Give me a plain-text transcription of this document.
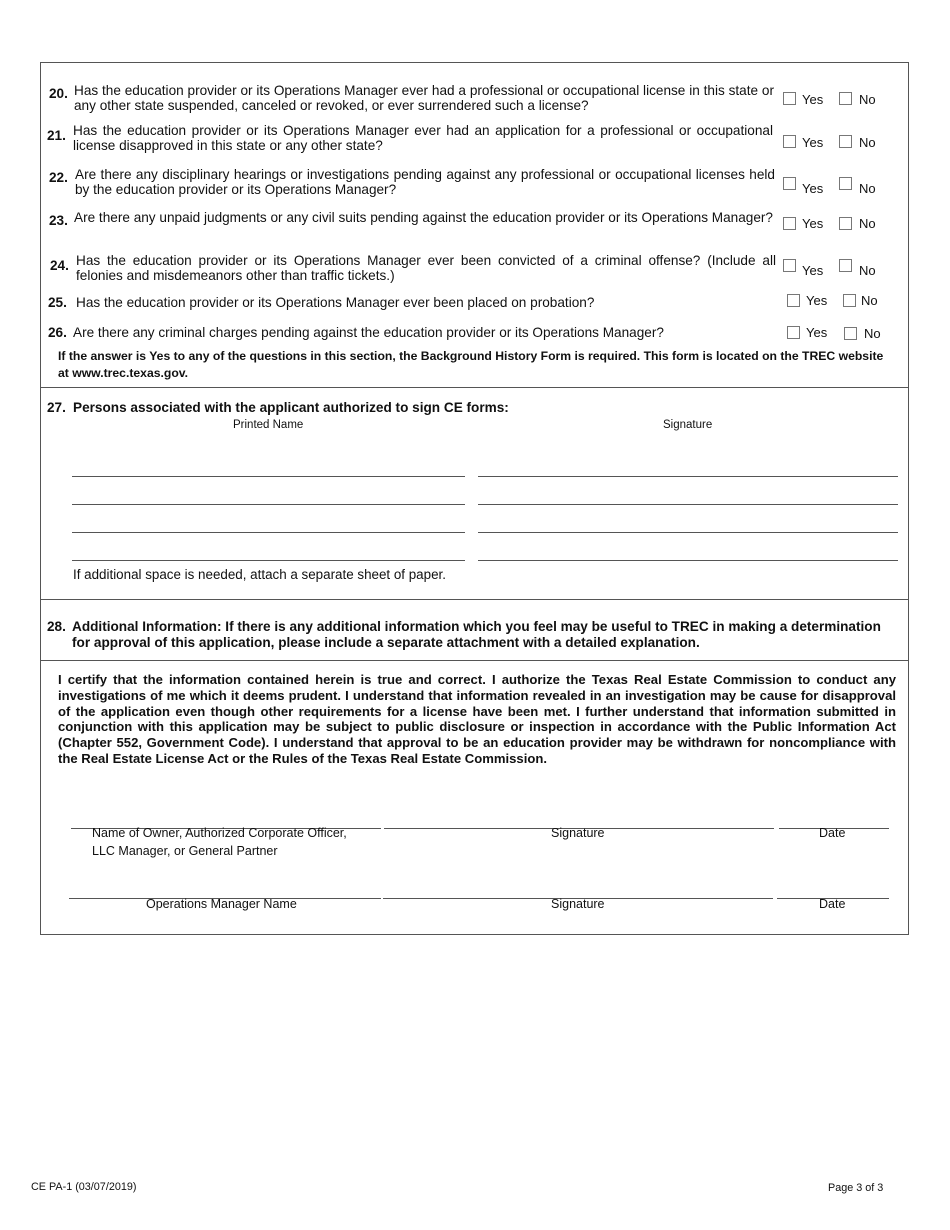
20. Has the education provider or its Operations Manager ever had a professional or occupational license in this state or any other state suspended, canceled or revoked, or ever surrendered such a license?	Yes	No
21. Has the education provider or its Operations Manager ever had an application for a professional or occupational license disapproved in this state or any other state?	Yes	No
22. Are there any disciplinary hearings or investigations pending against any professional or occupational licenses held by the education provider or its Operations Manager?	Yes	No
23. Are there any unpaid judgments or any civil suits pending against the education provider or its Operations Manager? Yes	No
24. Has the education provider or its Operations Manager ever been convicted of a criminal offense? (Include all felonies and misdemeanors other than traffic tickets.)	Yes	No
25. Has the education provider or its Operations Manager ever been placed on probation?	Yes	No
26. Are there any criminal charges pending against the education provider or its Operations Manager?	Yes	No
If the answer is Yes to any of the questions in this section, the Background History Form is required. This form is located on the TREC website at www.trec.texas.gov.
27. Persons associated with the applicant authorized to sign CE forms:
Printed Name	Signature
If additional space is needed, attach a separate sheet of paper.
28. Additional Information: If there is any additional information which you feel may be useful to TREC in making a determination for approval of this application, please include a separate attachment with a detailed explanation.
I certify that the information contained herein is true and correct. I authorize the Texas Real Estate Commission to conduct any investigations of me which it deems prudent. I understand that information revealed in an investigation may be cause for disapproval of the application even though other requirements for a license have been met. I further understand that information submitted in conjunction with this application may be subject to public disclosure or inspection in accordance with the Public Information Act (Chapter 552, Government Code). I understand that approval to be an education provider may be withdrawn for noncompliance with the Real Estate License Act or the Rules of the Texas Real Estate Commission.
Name of Owner, Authorized Corporate Officer,
LLC Manager, or General Partner
Signature	Date
Operations Manager Name	Signature	Date
CE PA-1 (03/07/2019)	Page 3 of 3
